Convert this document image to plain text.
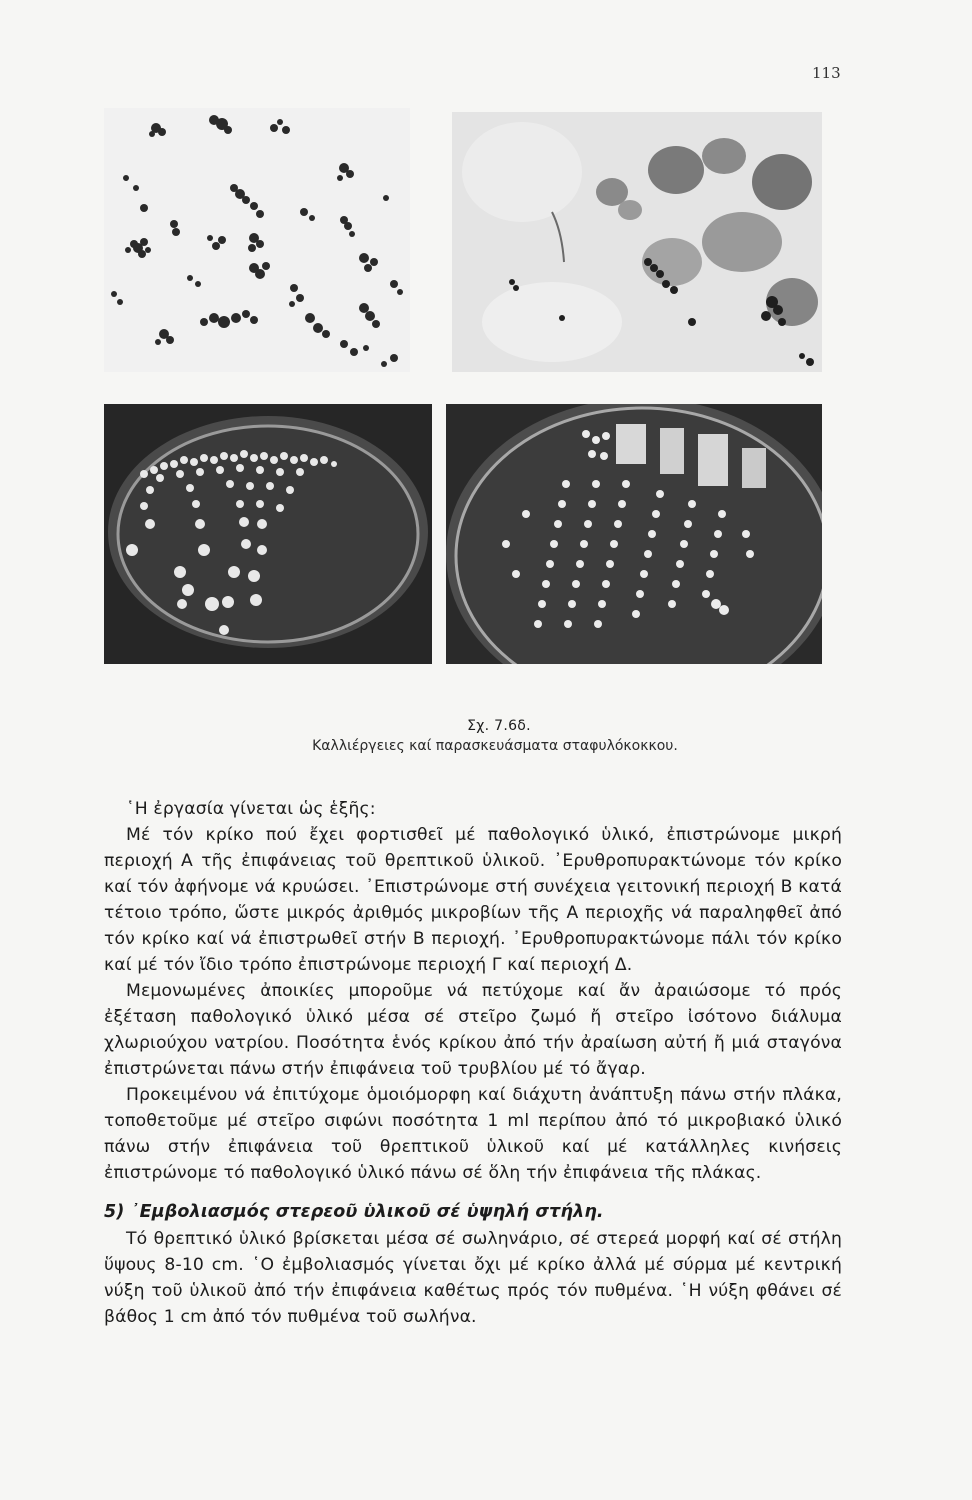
113
Σχ. 7.6δ.
Καλλιέργειες καί παρασκευάσματα σταφυλόκοκκου.

῾Η ἐργασία γίνεται ὡς ἑξῆς:

Μέ τόν κρίκο πού ἔχει φορτισθεῖ μέ παθολογικό ὑλικό, ἐπιστρώνομε μικρή περιοχή Α τῆς ἐπιφάνειας τοῦ θρεπτικοῦ ὑλικοῦ. ᾿Ερυθροπυρακτώνομε τόν κρίκο καί τόν ἀφήνομε νά κρυώσει. ᾿Επιστρώνομε στή συνέχεια γειτονική περιοχή Β κατά τέτοιο τρόπο, ὥστε μικρός ἀριθμός μικροβίων τῆς Α περιοχῆς νά παραληφθεῖ ἀπό τόν κρίκο καί νά ἐπιστρωθεῖ στήν Β περιοχή. ᾿Ερυθροπυρακτώνομε πάλι τόν κρίκο καί μέ τόν ἴδιο τρόπο ἐπιστρώνομε περιοχή Γ καί περιοχή Δ.

Μεμονωμένες ἀποικίες μποροῦμε νά πετύχομε καί ἄν ἀραιώσομε τό πρός ἐξέταση παθολογικό ὑλικό μέσα σέ στεῖρο ζωμό ἤ στεῖρο ἰσότονο διάλυμα χλωριούχου νατρίου. Ποσότητα ἑνός κρίκου ἀπό τήν ἀραίωση αὐτή ἤ μιά σταγόνα ἐπιστρώνεται πάνω στήν ἐπιφάνεια τοῦ τρυβλίου μέ τό ἄγαρ.

Προκειμένου νά ἐπιτύχομε ὁμοιόμορφη καί διάχυτη ἀνάπτυξη πάνω στήν πλάκα, τοποθετοῦμε μέ στεῖρο σιφώνι ποσότητα 1 ml περίπου ἀπό τό μικροβιακό ὑλικό πάνω στήν ἐπιφάνεια τοῦ θρεπτικοῦ ὑλικοῦ καί μέ κατάλληλες κινήσεις ἐπιστρώνομε τό παθολογικό ὑλικό πάνω σέ ὅλη τήν ἐπιφάνεια τῆς πλάκας.

5) ᾿Εμβολιασμός στερεοῦ ὑλικοῦ σέ ὑψηλή στήλη.

Τό θρεπτικό ὑλικό βρίσκεται μέσα σέ σωληνάριο, σέ στερεά μορφή καί σέ στήλη ὕψους 8-10 cm. ῾Ο ἐμβολιασμός γίνεται ὄχι μέ κρίκο ἀλλά μέ σύρμα μέ κεντρική νύξη τοῦ ὑλικοῦ ἀπό τήν ἐπιφάνεια καθέτως πρός τόν πυθμένα. ῾Η νύξη φθάνει σέ βάθος 1 cm ἀπό τόν πυθμένα τοῦ σωλήνα.
